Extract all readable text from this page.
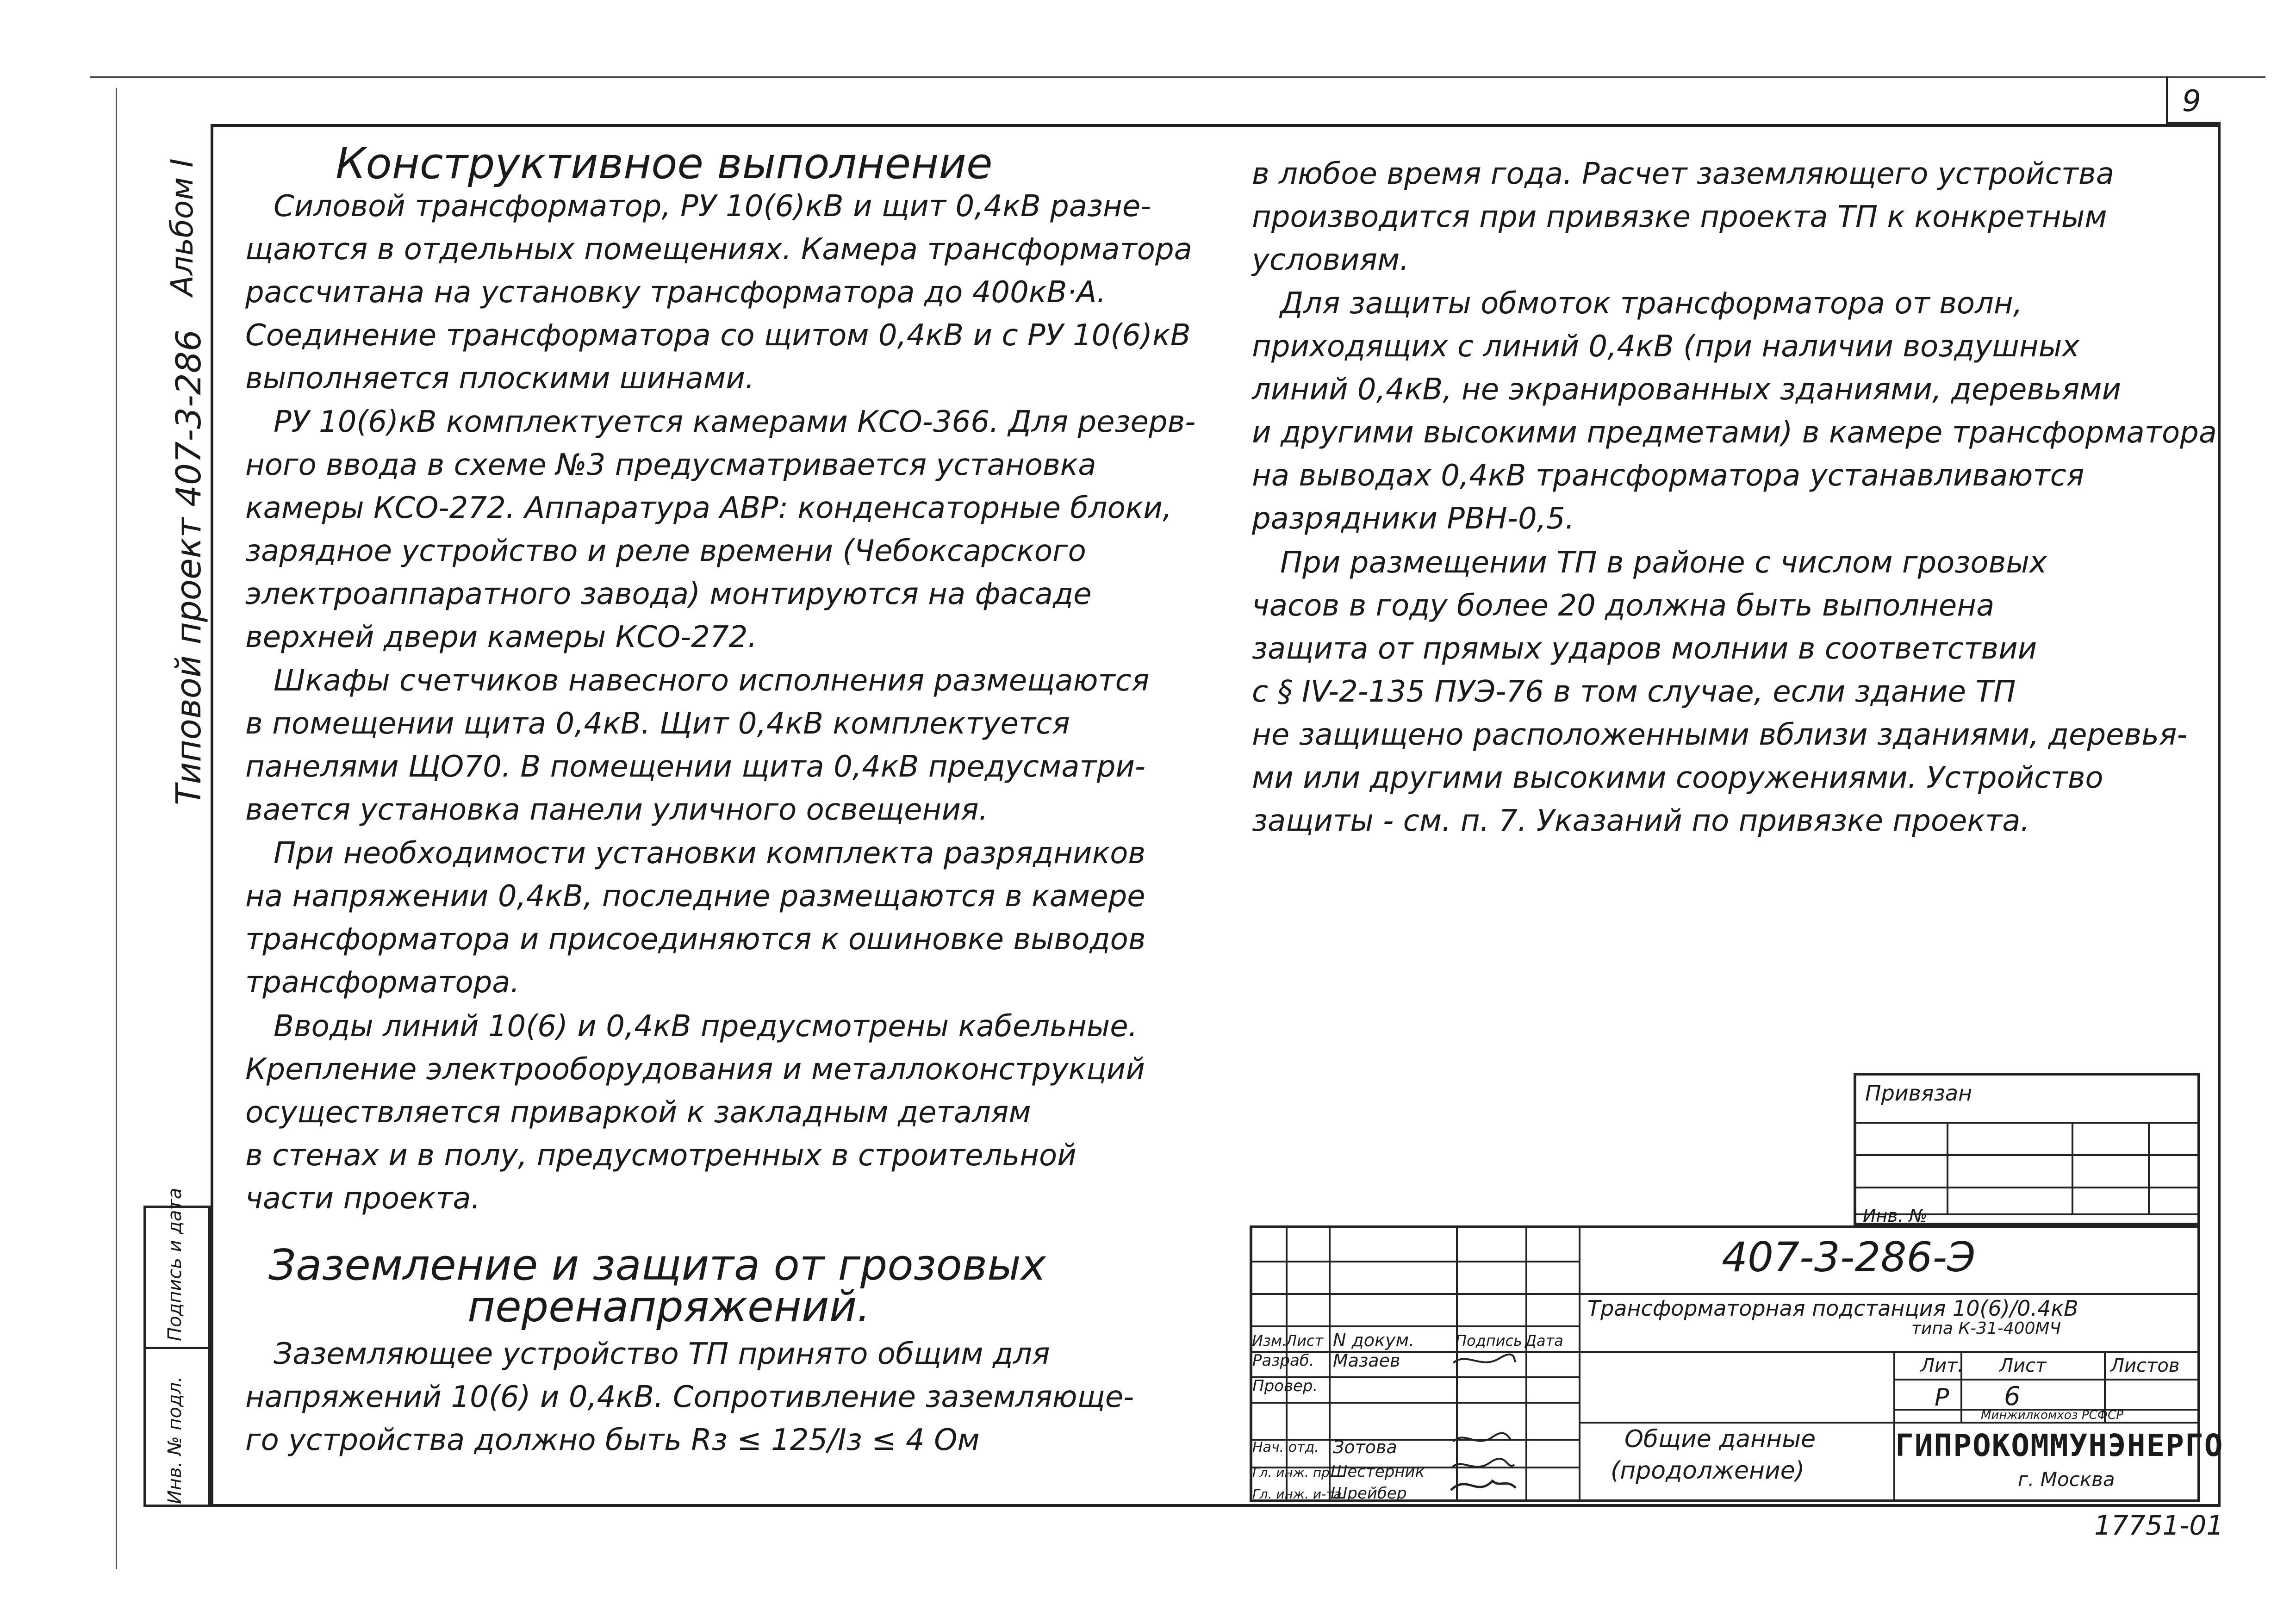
9
Альбом I
Типовой проект 407-3-286
Подпись и дата
Инв. № подл.
Конструктивное выполнение
Силовой трансформатор, РУ 10(6)кВ и щит 0,4кВ разне-
щаются в отдельных помещениях. Камера трансформатора
рассчитана на установку трансформатора до 400кВ·А.
Соединение трансформатора со щитом 0,4кВ и с РУ 10(6)кВ
выполняется плоскими шинами.
РУ 10(6)кВ комплектуется камерами КСО-366. Для резерв-
ного ввода в схеме №3 предусматривается установка
камеры КСО-272. Аппаратура АВР: конденсаторные блоки,
зарядное устройство и реле времени (Чебоксарского
электроаппаратного завода) монтируются на фасаде
верхней двери камеры КСО-272.
Шкафы счетчиков навесного исполнения размещаются
в помещении щита 0,4кВ. Щит 0,4кВ комплектуется
панелями ЩО70. В помещении щита 0,4кВ предусматри-
вается установка панели уличного освещения.
При необходимости установки комплекта разрядников
на напряжении 0,4кВ, последние размещаются в камере
трансформатора и присоединяются к ошиновке выводов
трансформатора.
Вводы линий 10(6) и 0,4кВ предусмотрены кабельные.
Крепление электрооборудования и металлоконструкций
осуществляется приваркой к закладным деталям
в стенах и в полу, предусмотренных в строительной
части проекта.
Заземление и защита от грозовых
перенапряжений.
Заземляющее устройство ТП принято общим для
напряжений 10(6) и 0,4кВ. Сопротивление заземляюще-
го устройства должно быть Rз ≤ 125/Iз ≤ 4 Ом
в любое время года. Расчет заземляющего устройства
производится при привязке проекта ТП к конкретным
условиям.
Для защиты обмоток трансформатора от волн,
приходящих с линий 0,4кВ (при наличии воздушных
линий 0,4кВ, не экранированных зданиями, деревьями
и другими высокими предметами) в камере трансформатора
на выводах 0,4кВ трансформатора устанавливаются
разрядники РВН-0,5.
При размещении ТП в районе с числом грозовых
часов в году более 20 должна быть выполнена
защита от прямых ударов молнии в соответствии
с § IV-2-135 ПУЭ-76 в том случае, если здание ТП
не защищено расположенными вблизи зданиями, деревья-
ми или другими высокими сооружениями. Устройство
защиты - см. п. 7. Указаний по привязке проекта.
Привязан
Инв. №
407-3-286-Э
Трансформаторная подстанция 10(6)/0.4кВ
типа К-31-400МЧ
Общие данные
(продолжение)
Изм.
Лист N докум.	Подпись Дата
Разраб.
Провер.
Нач. отд.
Гл. инж. пр.
Гл. инж. и-та
Мазаев
Зотова
Шестерник
Шрейбер
Лит. Лист	Листов
Р 6
Минжилкомхоз РСФСР
ГИПРОКОММУНЭНЕРГО
г. Москва
17751-01
